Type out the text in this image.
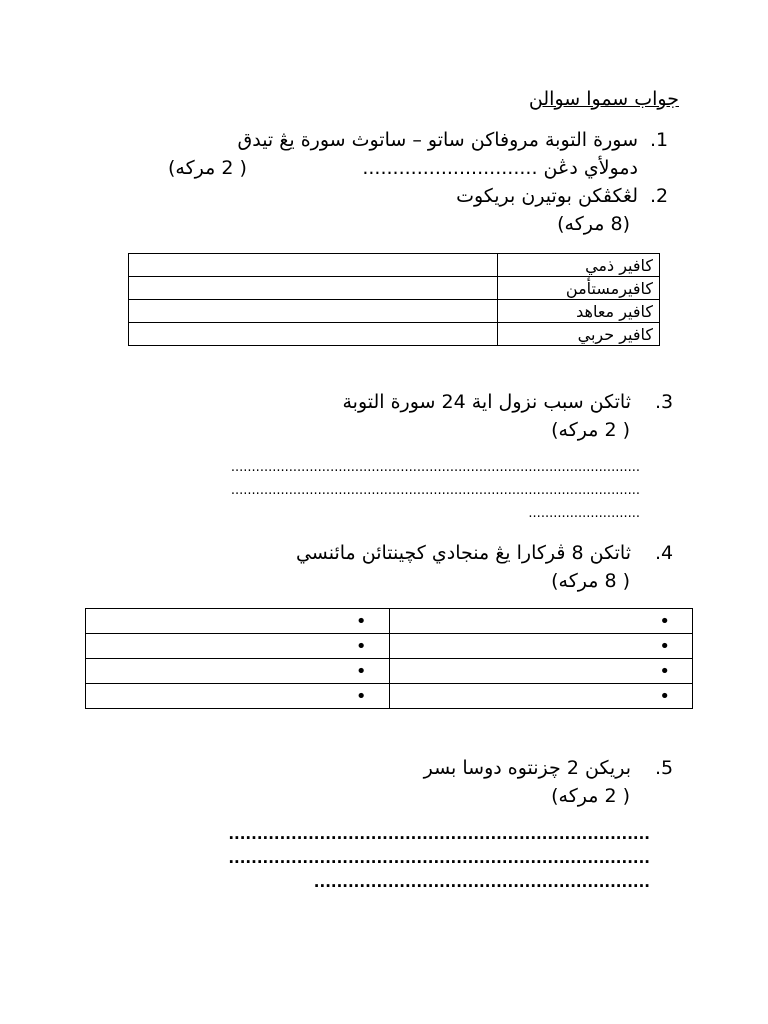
جواب سموا سوالن
.1
سورة التوبة مروفاكن ساتو – ساتوث سورة يڠ تيدق
دمولأي دڠن .............................
( 2 مركه)
.2
لڠكڤكن بوتيرن بريكوت
(8 مركه)
	كافير ذمي
	كافيرمستأمن
	كافير معاهد
	كافير حربي
.3
ثاتكن سبب نزول اية 24 سورة التوبة
( 2 مركه)
...................................................................................................
...................................................................................................
...........................
.4
ثاتكن 8 ڤركارا يڠ منجادي كچينتائن مائنسي
( 8 مركه)
•	•
•	•
•	•
•	•
.5
بريكن 2 چزنتوه دوسا بسر
( 2 مركه)
..........................................................................
..........................................................................
...........................................................
